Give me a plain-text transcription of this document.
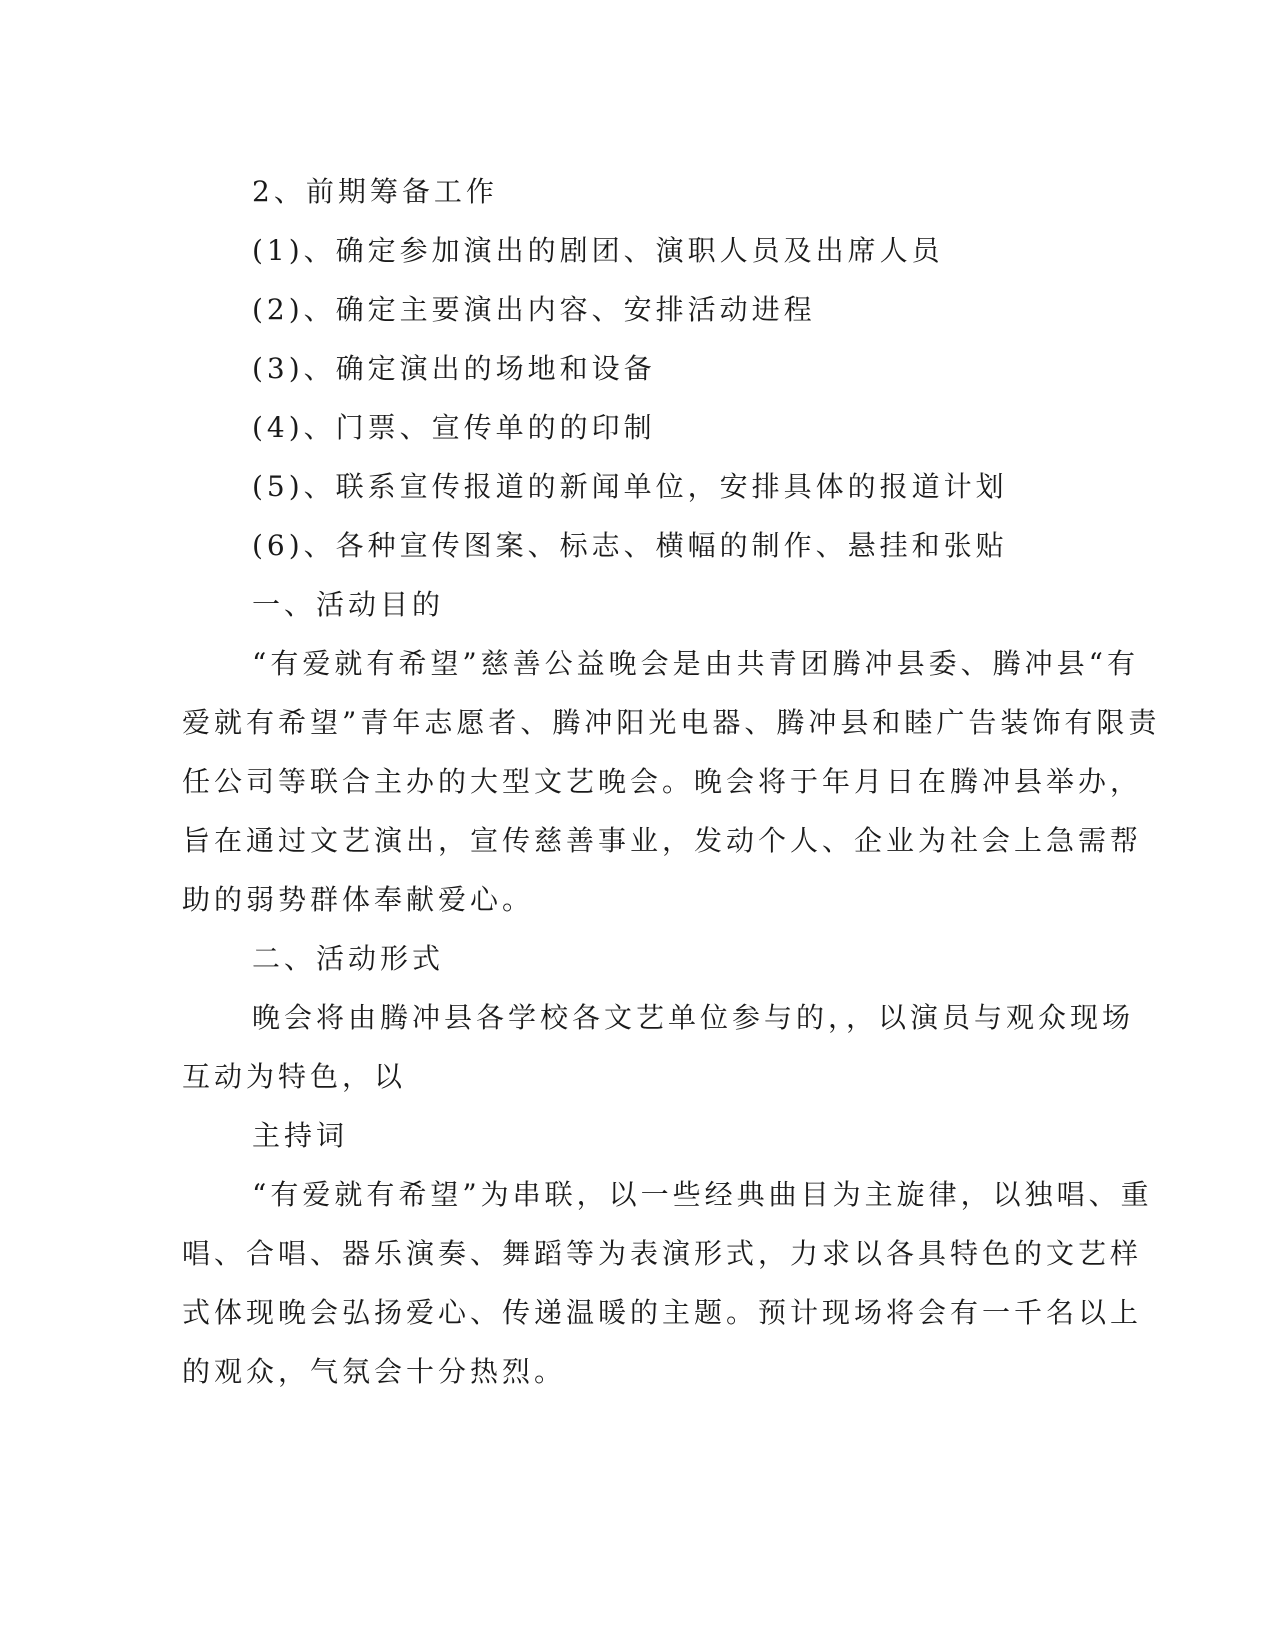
2、前期筹备工作
(1)、确定参加演出的剧团、演职人员及出席人员
(2)、确定主要演出内容、安排活动进程
(3)、确定演出的场地和设备
(4)、门票、宣传单的的印制
(5)、联系宣传报道的新闻单位，安排具体的报道计划
(6)、各种宣传图案、标志、横幅的制作、悬挂和张贴
一、活动目的
“有爱就有希望”慈善公益晚会是由共青团腾冲县委、腾冲县“有
爱就有希望”青年志愿者、腾冲阳光电器、腾冲县和睦广告装饰有限责
任公司等联合主办的大型文艺晚会。晚会将于年月日在腾冲县举办，
旨在通过文艺演出，宣传慈善事业，发动个人、企业为社会上急需帮
助的弱势群体奉献爱心。
二、活动形式
晚会将由腾冲县各学校各文艺单位参与的，，以演员与观众现场
互动为特色，以
主持词
“有爱就有希望”为串联，以一些经典曲目为主旋律，以独唱、重
唱、合唱、器乐演奏、舞蹈等为表演形式，力求以各具特色的文艺样
式体现晚会弘扬爱心、传递温暖的主题。预计现场将会有一千名以上
的观众，气氛会十分热烈。
